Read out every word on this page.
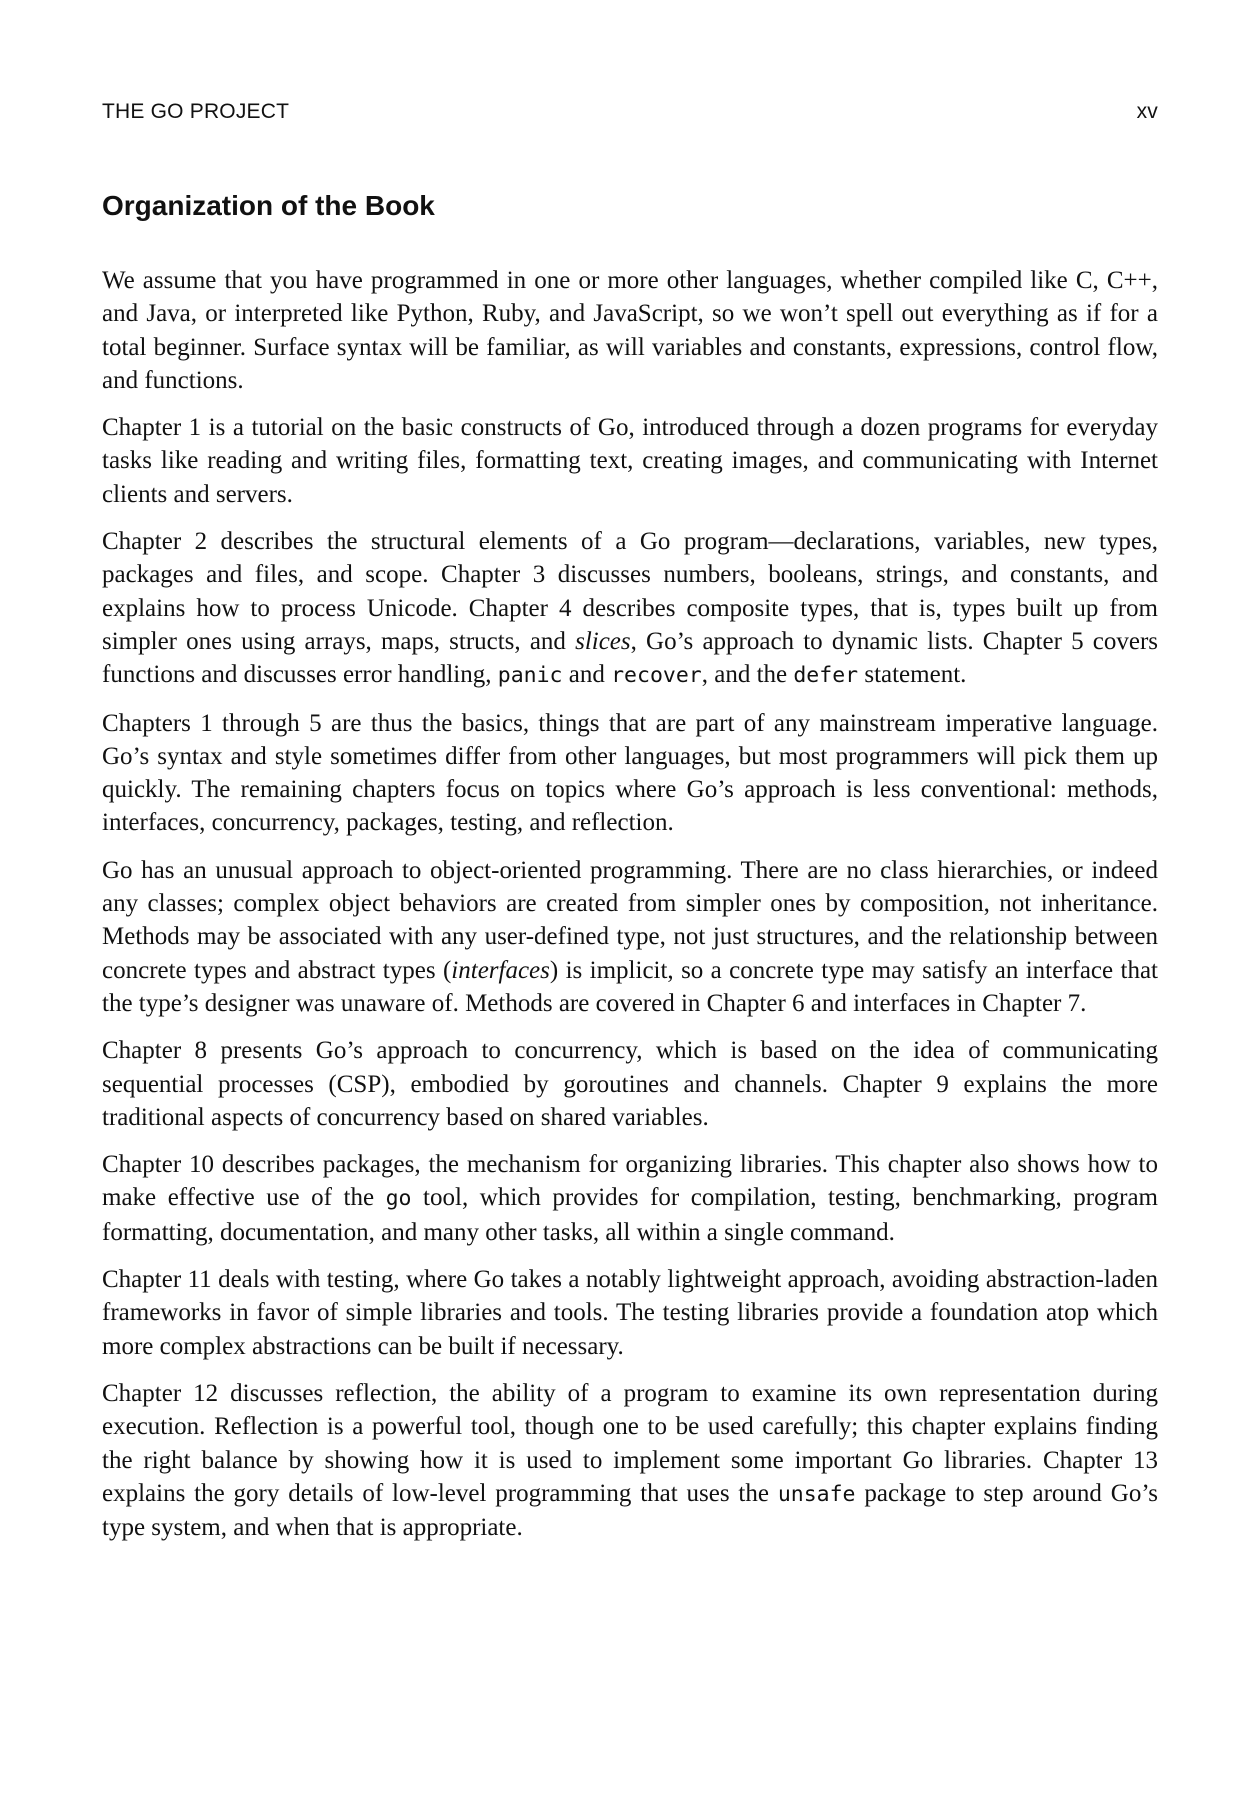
THE GO PROJECT	xv
Organization of the Book

We assume that you have programmed in one or more other languages, whether compiled like C, C++, and Java, or interpreted like Python, Ruby, and JavaScript, so we won’t spell out everything as if for a total beginner. Surface syntax will be familiar, as will variables and constants, expressions, control flow, and functions.

Chapter 1 is a tutorial on the basic constructs of Go, introduced through a dozen programs for everyday tasks like reading and writing files, formatting text, creating images, and communicating with Internet clients and servers.

Chapter 2 describes the structural elements of a Go program—declarations, variables, new types, packages and files, and scope. Chapter 3 discusses numbers, booleans, strings, and constants, and explains how to process Unicode. Chapter 4 describes composite types, that is, types built up from simpler ones using arrays, maps, structs, and slices, Go’s approach to dynamic lists. Chapter 5 covers functions and discusses error handling, panic and recover, and the defer statement.

Chapters 1 through 5 are thus the basics, things that are part of any mainstream imperative language. Go’s syntax and style sometimes differ from other languages, but most programmers will pick them up quickly. The remaining chapters focus on topics where Go’s approach is less conventional: methods, interfaces, concurrency, packages, testing, and reflection.

Go has an unusual approach to object-oriented programming. There are no class hierarchies, or indeed any classes; complex object behaviors are created from simpler ones by composition, not inheritance. Methods may be associated with any user-defined type, not just structures, and the relationship between concrete types and abstract types (interfaces) is implicit, so a concrete type may satisfy an interface that the type’s designer was unaware of. Methods are covered in Chapter 6 and interfaces in Chapter 7.

Chapter 8 presents Go’s approach to concurrency, which is based on the idea of communicating sequential processes (CSP), embodied by goroutines and channels. Chapter 9 explains the more traditional aspects of concurrency based on shared variables.

Chapter 10 describes packages, the mechanism for organizing libraries. This chapter also shows how to make effective use of the go tool, which provides for compilation, testing, benchmarking, program formatting, documentation, and many other tasks, all within a single command.

Chapter 11 deals with testing, where Go takes a notably lightweight approach, avoiding abstraction-laden frameworks in favor of simple libraries and tools. The testing libraries provide a foundation atop which more complex abstractions can be built if necessary.

Chapter 12 discusses reflection, the ability of a program to examine its own representation during execution. Reflection is a powerful tool, though one to be used carefully; this chapter explains finding the right balance by showing how it is used to implement some important Go libraries. Chapter 13 explains the gory details of low-level programming that uses the unsafe package to step around Go’s type system, and when that is appropriate.
